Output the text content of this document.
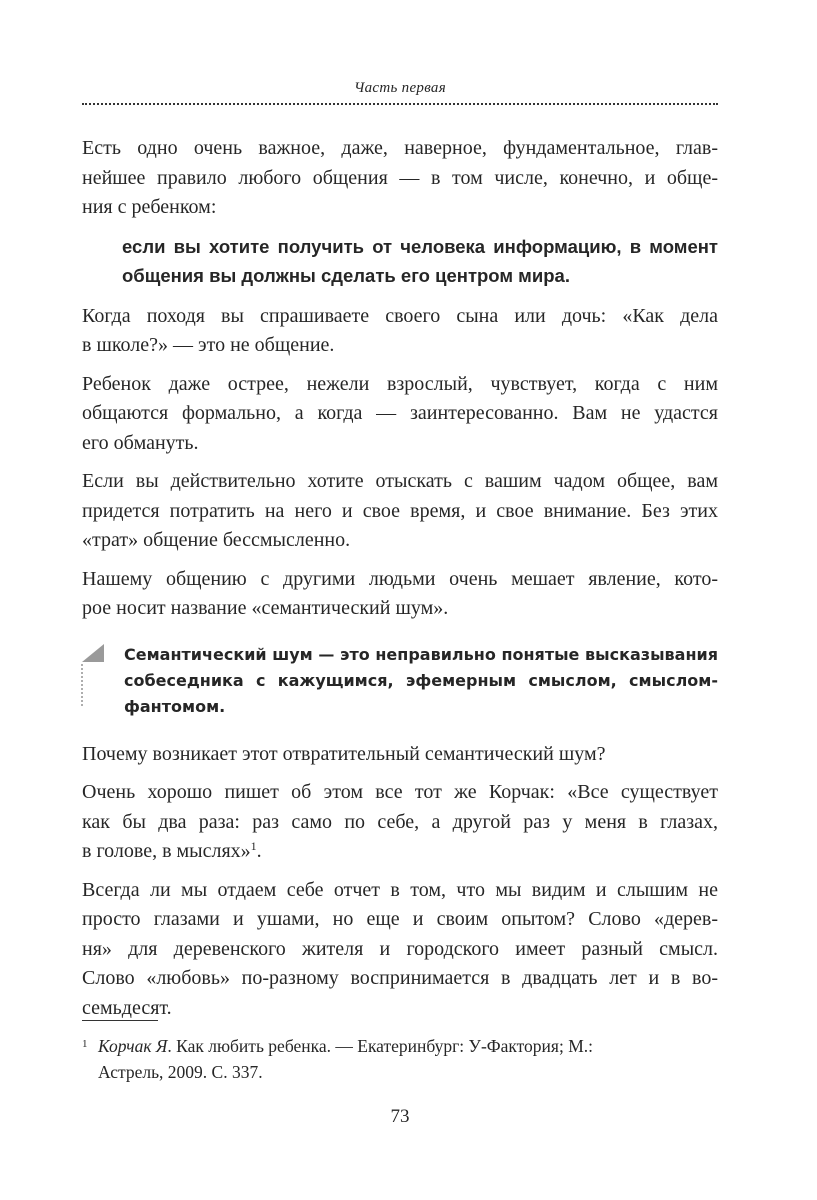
Часть первая

Есть одно очень важное, даже, наверное, фундаментальное, глав-
нейшее правило любого общения — в том числе, конечно, и обще-
ния с ребенком:

если вы хотите получить от человека информацию, в момент
общения вы должны сделать его центром мира.

Когда походя вы спрашиваете своего сына или дочь: «Как дела
в школе?» — это не общение.

Ребенок даже острее, нежели взрослый, чувствует, когда с ним
общаются формально, а когда — заинтересованно. Вам не удастся
его обмануть.

Если вы действительно хотите отыскать с вашим чадом общее, вам
придется потратить на него и свое время, и свое внимание. Без этих
«трат» общение бессмысленно.

Нашему общению с другими людьми очень мешает явление, кото-
рое носит название «семантический шум».

Семантический шум — это неправильно понятые высказывания
собеседника с кажущимся, эфемерным смыслом, смыслом-
фантомом.

Почему возникает этот отвратительный семантический шум?

Очень хорошо пишет об этом все тот же Корчак: «Все существует
как бы два раза: раз само по себе, а другой раз у меня в глазах,
в голове, в мыслях»$^1$.

Всегда ли мы отдаем себе отчет в том, что мы видим и слышим не
просто глазами и ушами, но еще и своим опытом? Слово «дерев-
ня» для деревенского жителя и городского имеет разный смысл.
Слово «любовь» по-разному воспринимается в двадцать лет и в во-
семьдесят.

1 Корчак Я. Как любить ребенка. — Екатеринбург: У-Фактория; М.:
Астрель, 2009. С. 337.
73
